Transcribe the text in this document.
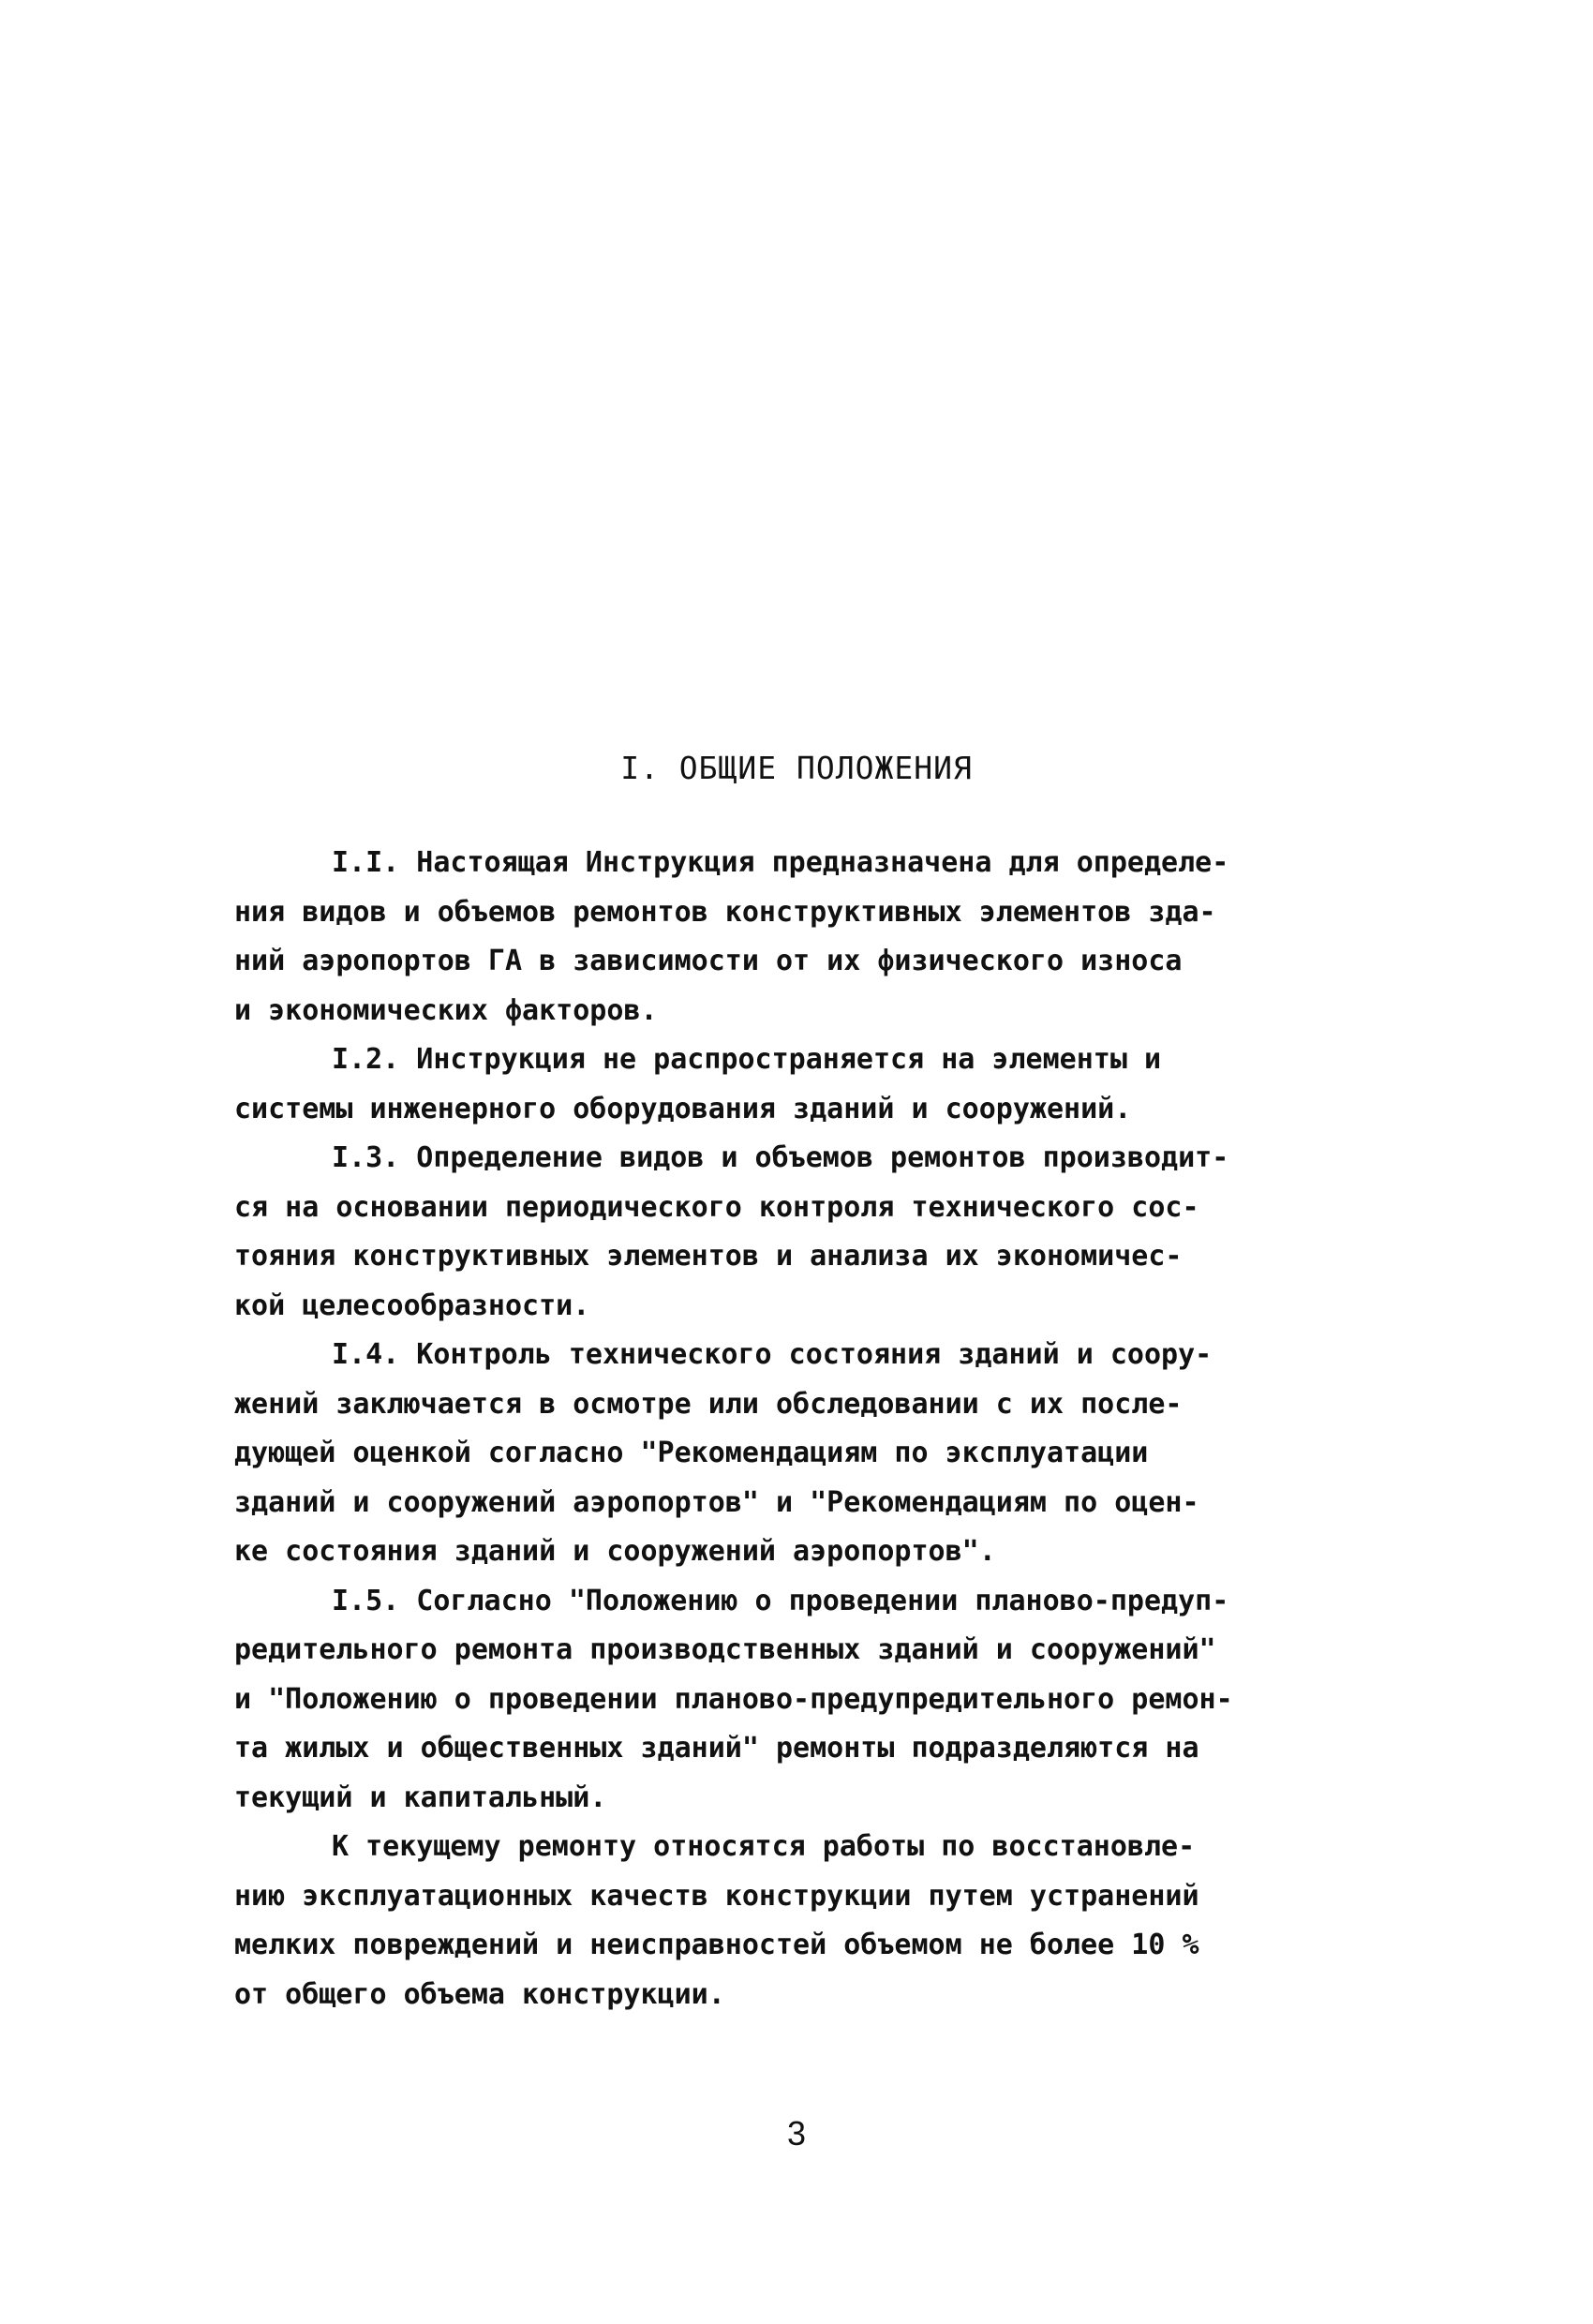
I. ОБЩИЕ ПОЛОЖЕНИЯ
I.I. Настоящая Инструкция предназначена для определе-
ния видов и объемов ремонтов конструктивных элементов зда-
ний аэропортов ГА в зависимости от их физического износа
и экономических факторов.
I.2. Инструкция не распространяется на элементы и
системы инженерного оборудования зданий и сооружений.
I.3. Определение видов и объемов ремонтов производит-
ся на основании периодического контроля технического сос-
тояния конструктивных элементов и анализа их экономичес-
кой целесообразности.
I.4. Контроль технического состояния зданий и соору-
жений заключается в осмотре или обследовании с их после-
дующей оценкой согласно "Рекомендациям по эксплуатации
зданий и сооружений аэропортов" и "Рекомендациям по оцен-
ке состояния зданий и сооружений аэропортов".
I.5. Согласно "Положению о проведении планово-предуп-
редительного ремонта производственных зданий и сооружений"
и "Положению о проведении планово-предупредительного ремон-
та жилых и общественных зданий" ремонты подразделяются на
текущий и капитальный.
К текущему ремонту относятся работы по восстановле-
нию эксплуатационных качеств конструкции путем устранений
мелких повреждений и неисправностей объемом не более 10 %
от общего объема конструкции.
3
